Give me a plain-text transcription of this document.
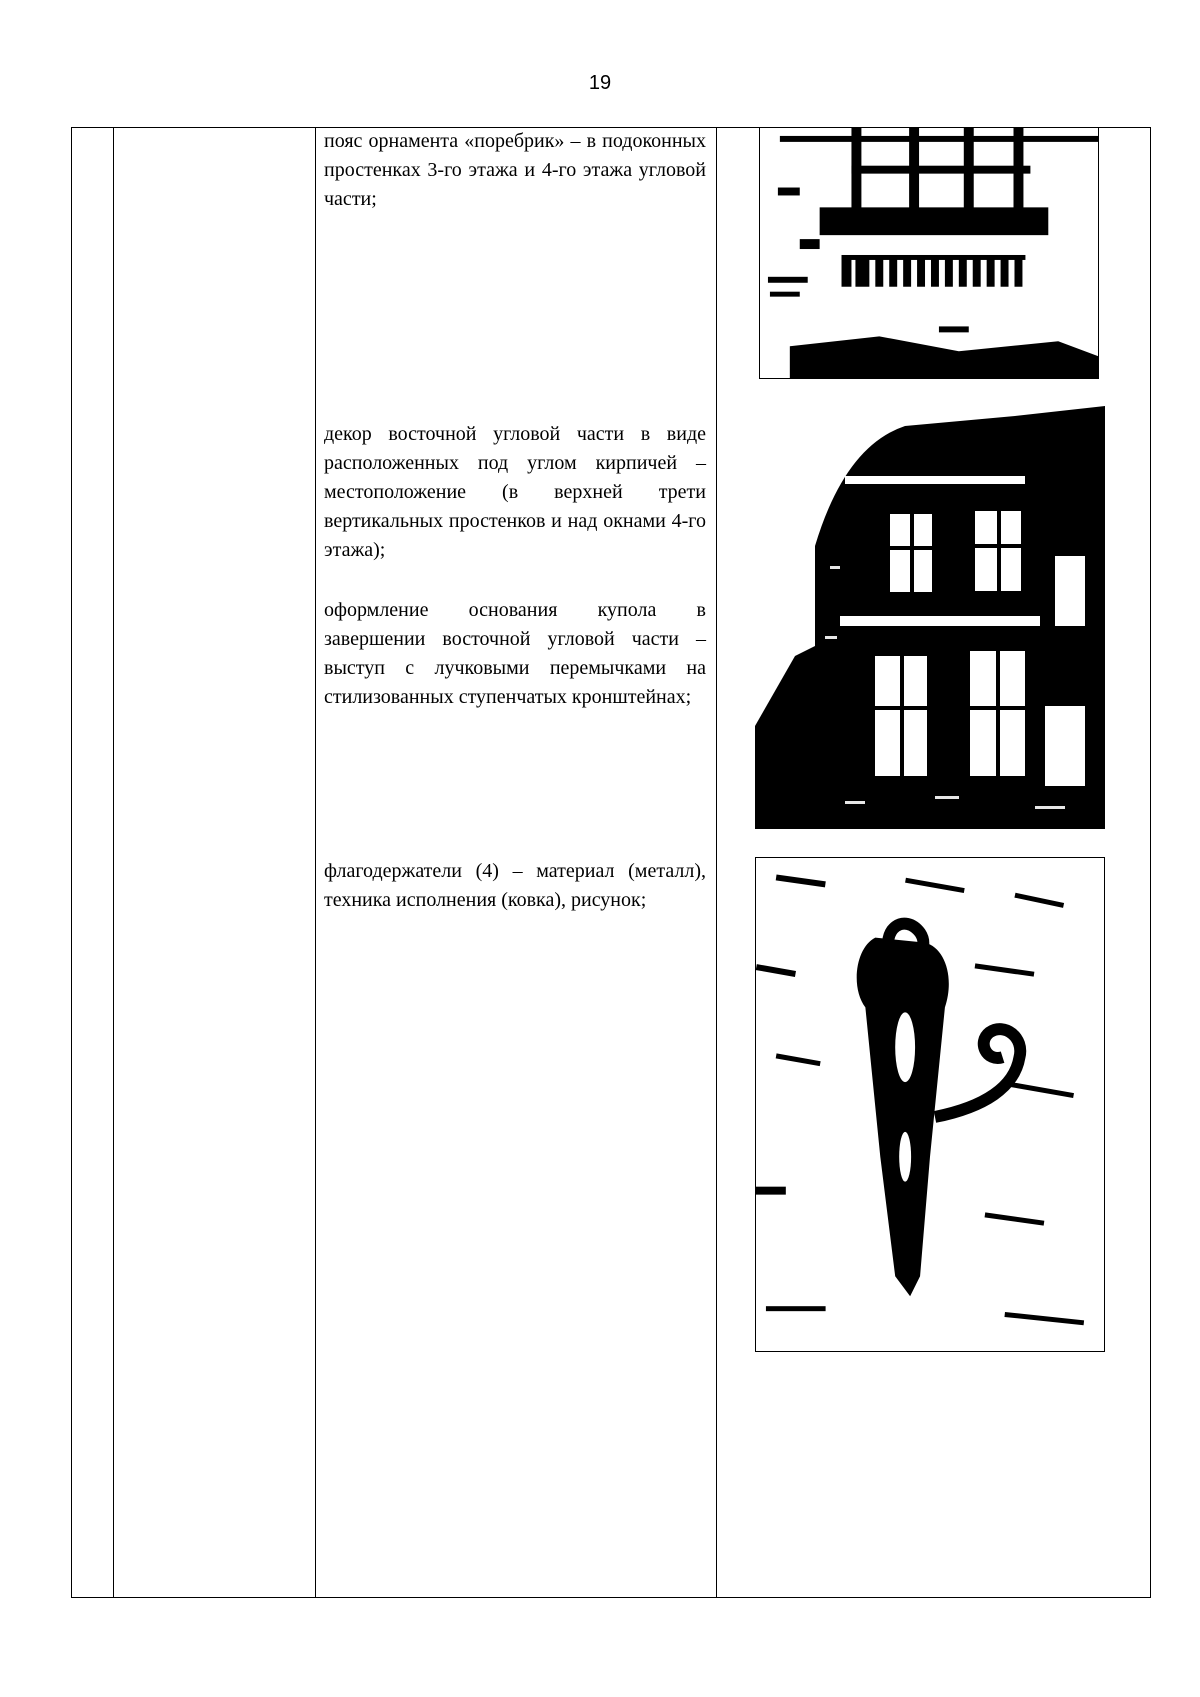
19
пояс орнамента «поребрик» – в подоконных простенках 3-го этажа и 4-го этажа угловой части;
декор восточной угловой части в виде расположенных под углом кирпичей – местоположение (в верхней трети вертикальных простенков и над окнами 4-го этажа);
оформление основания купола в завершении восточной угловой части – выступ с лучковыми перемычками на стилизованных ступенчатых кронштейнах;
флагодержатели (4) – материал (металл), техника исполнения (ковка), рисунок;
